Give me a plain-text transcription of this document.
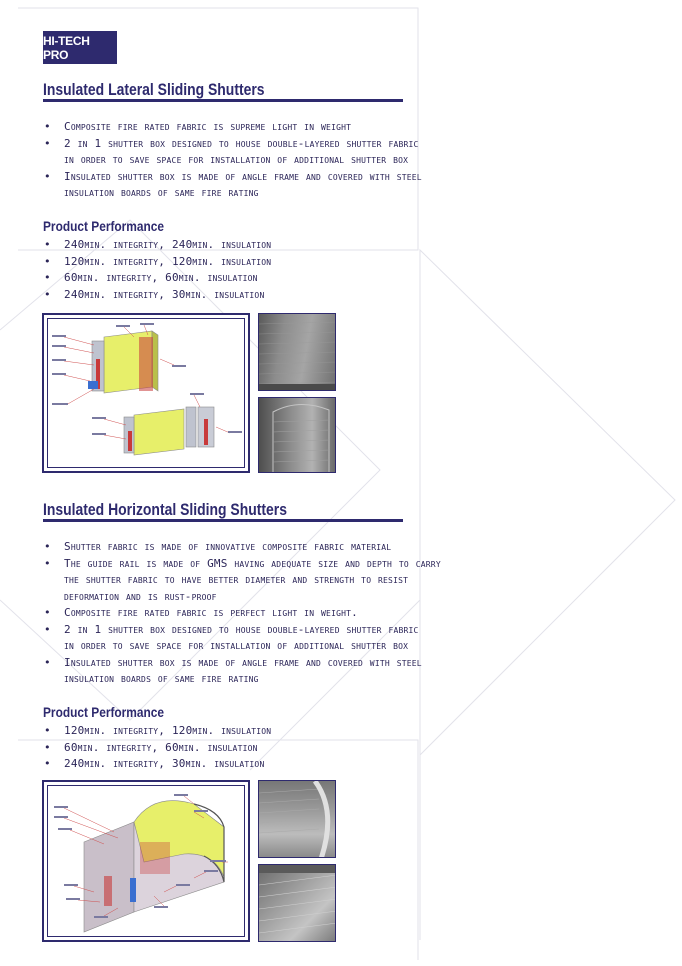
HI-TECH PRO
Insulated Lateral Sliding Shutters
• Composite fire rated fabric is supreme light in weight
• 2 in 1 shutter box designed to house double-layered shutter fabric
in order to save space for installation of additional shutter box
• Insulated shutter box is made of angle frame and covered with steel
insulation boards of same fire rating
Product Performance
• 240min. integrity, 240min. insulation
• 120min. integrity, 120min. insulation
• 60min. integrity, 60min. insulation
• 240min. integrity, 30min. insulation
Insulated Horizontal Sliding Shutters
• Shutter fabric is made of innovative composite fabric material
• The guide rail is made of GMS having adequate size and depth to carry
the shutter fabric to have better diameter and strength to resist
deformation and is rust-proof
• Composite fire rated fabric is perfect light in weight.
• 2 in 1 shutter box designed to house double-layered shutter fabric
in order to save space for installation of additional shutter box
• Insulated shutter box is made of angle frame and covered with steel
insulation boards of same fire rating
Product Performance
• 120min. integrity, 120min. insulation
• 60min. integrity, 60min. insulation
• 240min. integrity, 30min. insulation
